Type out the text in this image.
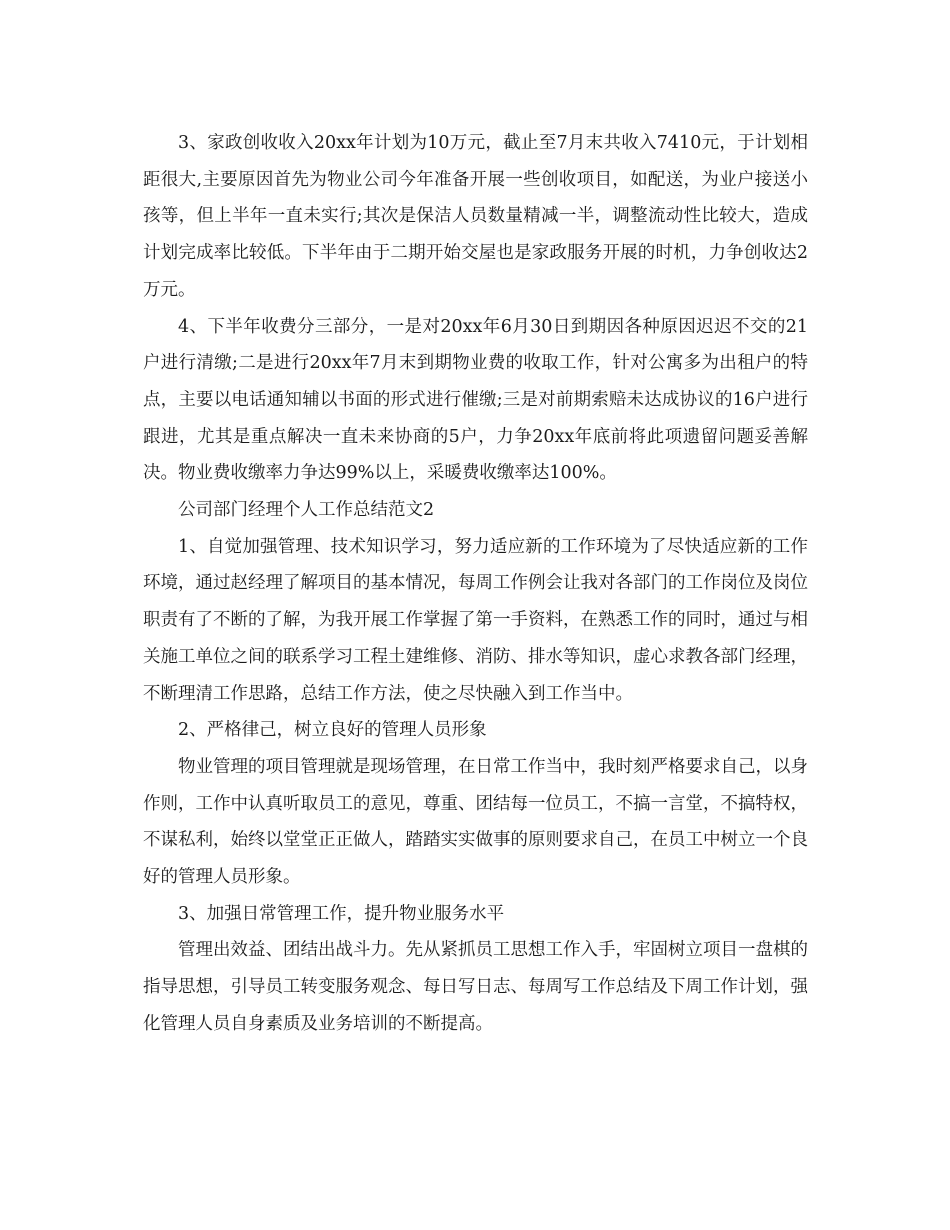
3、家政创收收入20xx年计划为10万元，截止至7月末共收入7410元，于计划相距很大,主要原因首先为物业公司今年准备开展一些创收项目，如配送，为业户接送小孩等，但上半年一直未实行;其次是保洁人员数量精减一半，调整流动性比较大，造成计划完成率比较低。下半年由于二期开始交屋也是家政服务开展的时机，力争创收达2万元。

4、下半年收费分三部分，一是对20xx年6月30日到期因各种原因迟迟不交的21户进行清缴;二是进行20xx年7月末到期物业费的收取工作，针对公寓多为出租户的特点，主要以电话通知辅以书面的形式进行催缴;三是对前期索赔未达成协议的16户进行跟进，尤其是重点解决一直未来协商的5户，力争20xx年底前将此项遗留问题妥善解决。物业费收缴率力争达99%以上，采暖费收缴率达100%。

公司部门经理个人工作总结范文2

1、自觉加强管理、技术知识学习，努力适应新的工作环境为了尽快适应新的工作环境，通过赵经理了解项目的基本情况，每周工作例会让我对各部门的工作岗位及岗位职责有了不断的了解，为我开展工作掌握了第一手资料，在熟悉工作的同时，通过与相关施工单位之间的联系学习工程土建维修、消防、排水等知识，虚心求教各部门经理，不断理清工作思路，总结工作方法，使之尽快融入到工作当中。

2、严格律己，树立良好的管理人员形象

物业管理的项目管理就是现场管理，在日常工作当中，我时刻严格要求自己，以身作则，工作中认真听取员工的意见，尊重、团结每一位员工，不搞一言堂，不搞特权，不谋私利，始终以堂堂正正做人，踏踏实实做事的原则要求自己，在员工中树立一个良好的管理人员形象。

3、加强日常管理工作，提升物业服务水平

管理出效益、团结出战斗力。先从紧抓员工思想工作入手，牢固树立项目一盘棋的指导思想，引导员工转变服务观念、每日写日志、每周写工作总结及下周工作计划，强化管理人员自身素质及业务培训的不断提高。
